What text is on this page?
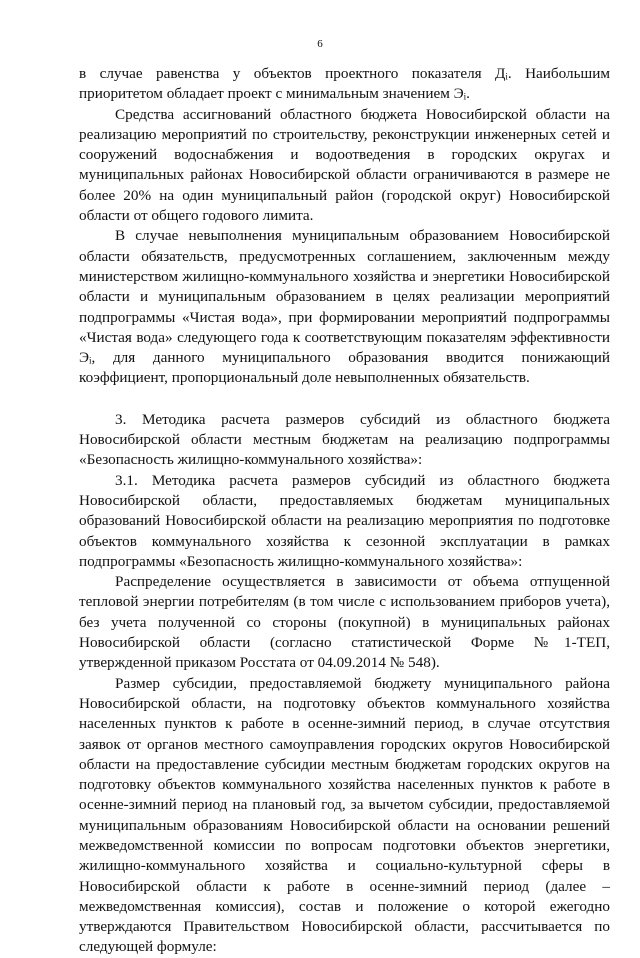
6

в случае равенства у объектов проектного показателя Дᵢ. Наибольшим приоритетом обладает проект с минимальным значением Эᵢ.

Средства ассигнований областного бюджета Новосибирской области на реализацию мероприятий по строительству, реконструкции инженерных сетей и сооружений водоснабжения и водоотведения в городских округах и муниципальных районах Новосибирской области ограничиваются в размере не более 20% на один муниципальный район (городской округ) Новосибирской области от общего годового лимита.

В случае невыполнения муниципальным образованием Новосибирской области обязательств, предусмотренных соглашением, заключенным между министерством жилищно-коммунального хозяйства и энергетики Новосибирской области и муниципальным образованием в целях реализации мероприятий подпрограммы «Чистая вода», при формировании мероприятий подпрограммы «Чистая вода» следующего года к соответствующим показателям эффективности Эᵢ, для данного муниципального образования вводится понижающий коэффициент, пропорциональный доле невыполненных обязательств.

3. Методика расчета размеров субсидий из областного бюджета Новосибирской области местным бюджетам на реализацию подпрограммы «Безопасность жилищно-коммунального хозяйства»:

3.1. Методика расчета размеров субсидий из областного бюджета Новосибирской области, предоставляемых бюджетам муниципальных образований Новосибирской области на реализацию мероприятия по подготовке объектов коммунального хозяйства к сезонной эксплуатации в рамках подпрограммы «Безопасность жилищно-коммунального хозяйства»:

Распределение осуществляется в зависимости от объема отпущенной тепловой энергии потребителям (в том числе с использованием приборов учета), без учета полученной со стороны (покупной) в муниципальных районах Новосибирской области (согласно статистической Форме №1-ТЕП, утвержденной приказом Росстата от 04.09.2014 № 548).

Размер субсидии, предоставляемой бюджету муниципального района Новосибирской области, на подготовку объектов коммунального хозяйства населенных пунктов к работе в осенне-зимний период, в случае отсутствия заявок от органов местного самоуправления городских округов Новосибирской области на предоставление субсидии местным бюджетам городских округов на подготовку объектов коммунального хозяйства населенных пунктов к работе в осенне-зимний период на плановый год, за вычетом субсидии, предоставляемой муниципальным образованиям Новосибирской области на основании решений межведомственной комиссии по вопросам подготовки объектов энергетики, жилищно-коммунального хозяйства и социально-культурной сферы в Новосибирской области к работе в осенне-зимний период (далее – межведомственная комиссия), состав и положение о которой ежегодно утверждаются Правительством Новосибирской области, рассчитывается по следующей формуле:
